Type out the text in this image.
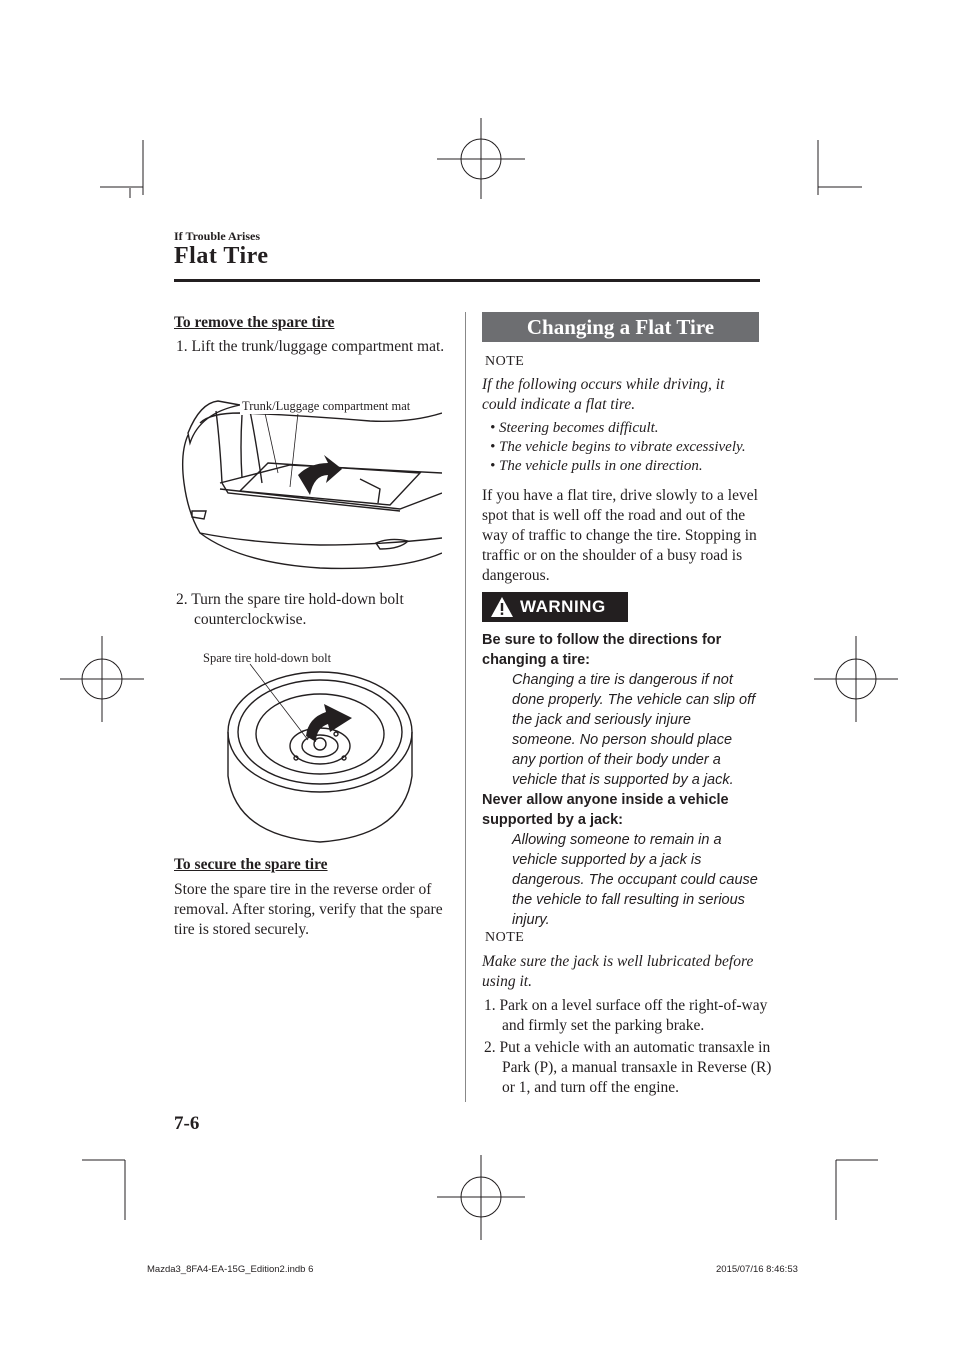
If Trouble Arises
Flat Tire
To remove the spare tire
1. Lift the trunk/luggage compartment mat.
Trunk/Luggage compartment mat
2. Turn the spare tire hold-down bolt counterclockwise.
Spare tire hold-down bolt
To secure the spare tire
Store the spare tire in the reverse order of removal. After storing, verify that the spare tire is stored securely.
Changing a Flat Tire
NOTE
If the following occurs while driving, it could indicate a flat tire.
• Steering becomes difficult.
• The vehicle begins to vibrate excessively.
• The vehicle pulls in one direction.
If you have a flat tire, drive slowly to a level spot that is well off the road and out of the way of traffic to change the tire. Stopping in traffic or on the shoulder of a busy road is dangerous.
WARNING
Be sure to follow the directions for changing a tire:
Changing a tire is dangerous if not done properly. The vehicle can slip off the jack and seriously injure someone. No person should place any portion of their body under a vehicle that is supported by a jack.
Never allow anyone inside a vehicle supported by a jack:
Allowing someone to remain in a vehicle supported by a jack is dangerous. The occupant could cause the vehicle to fall resulting in serious injury.
NOTE
Make sure the jack is well lubricated before using it.
1. Park on a level surface off the right-of-way and firmly set the parking brake.
2. Put a vehicle with an automatic transaxle in Park (P), a manual transaxle in Reverse (R) or 1, and turn off the engine.
7-6
Mazda3_8FA4-EA-15G_Edition2.indb 6	2015/07/16 8:46:53
